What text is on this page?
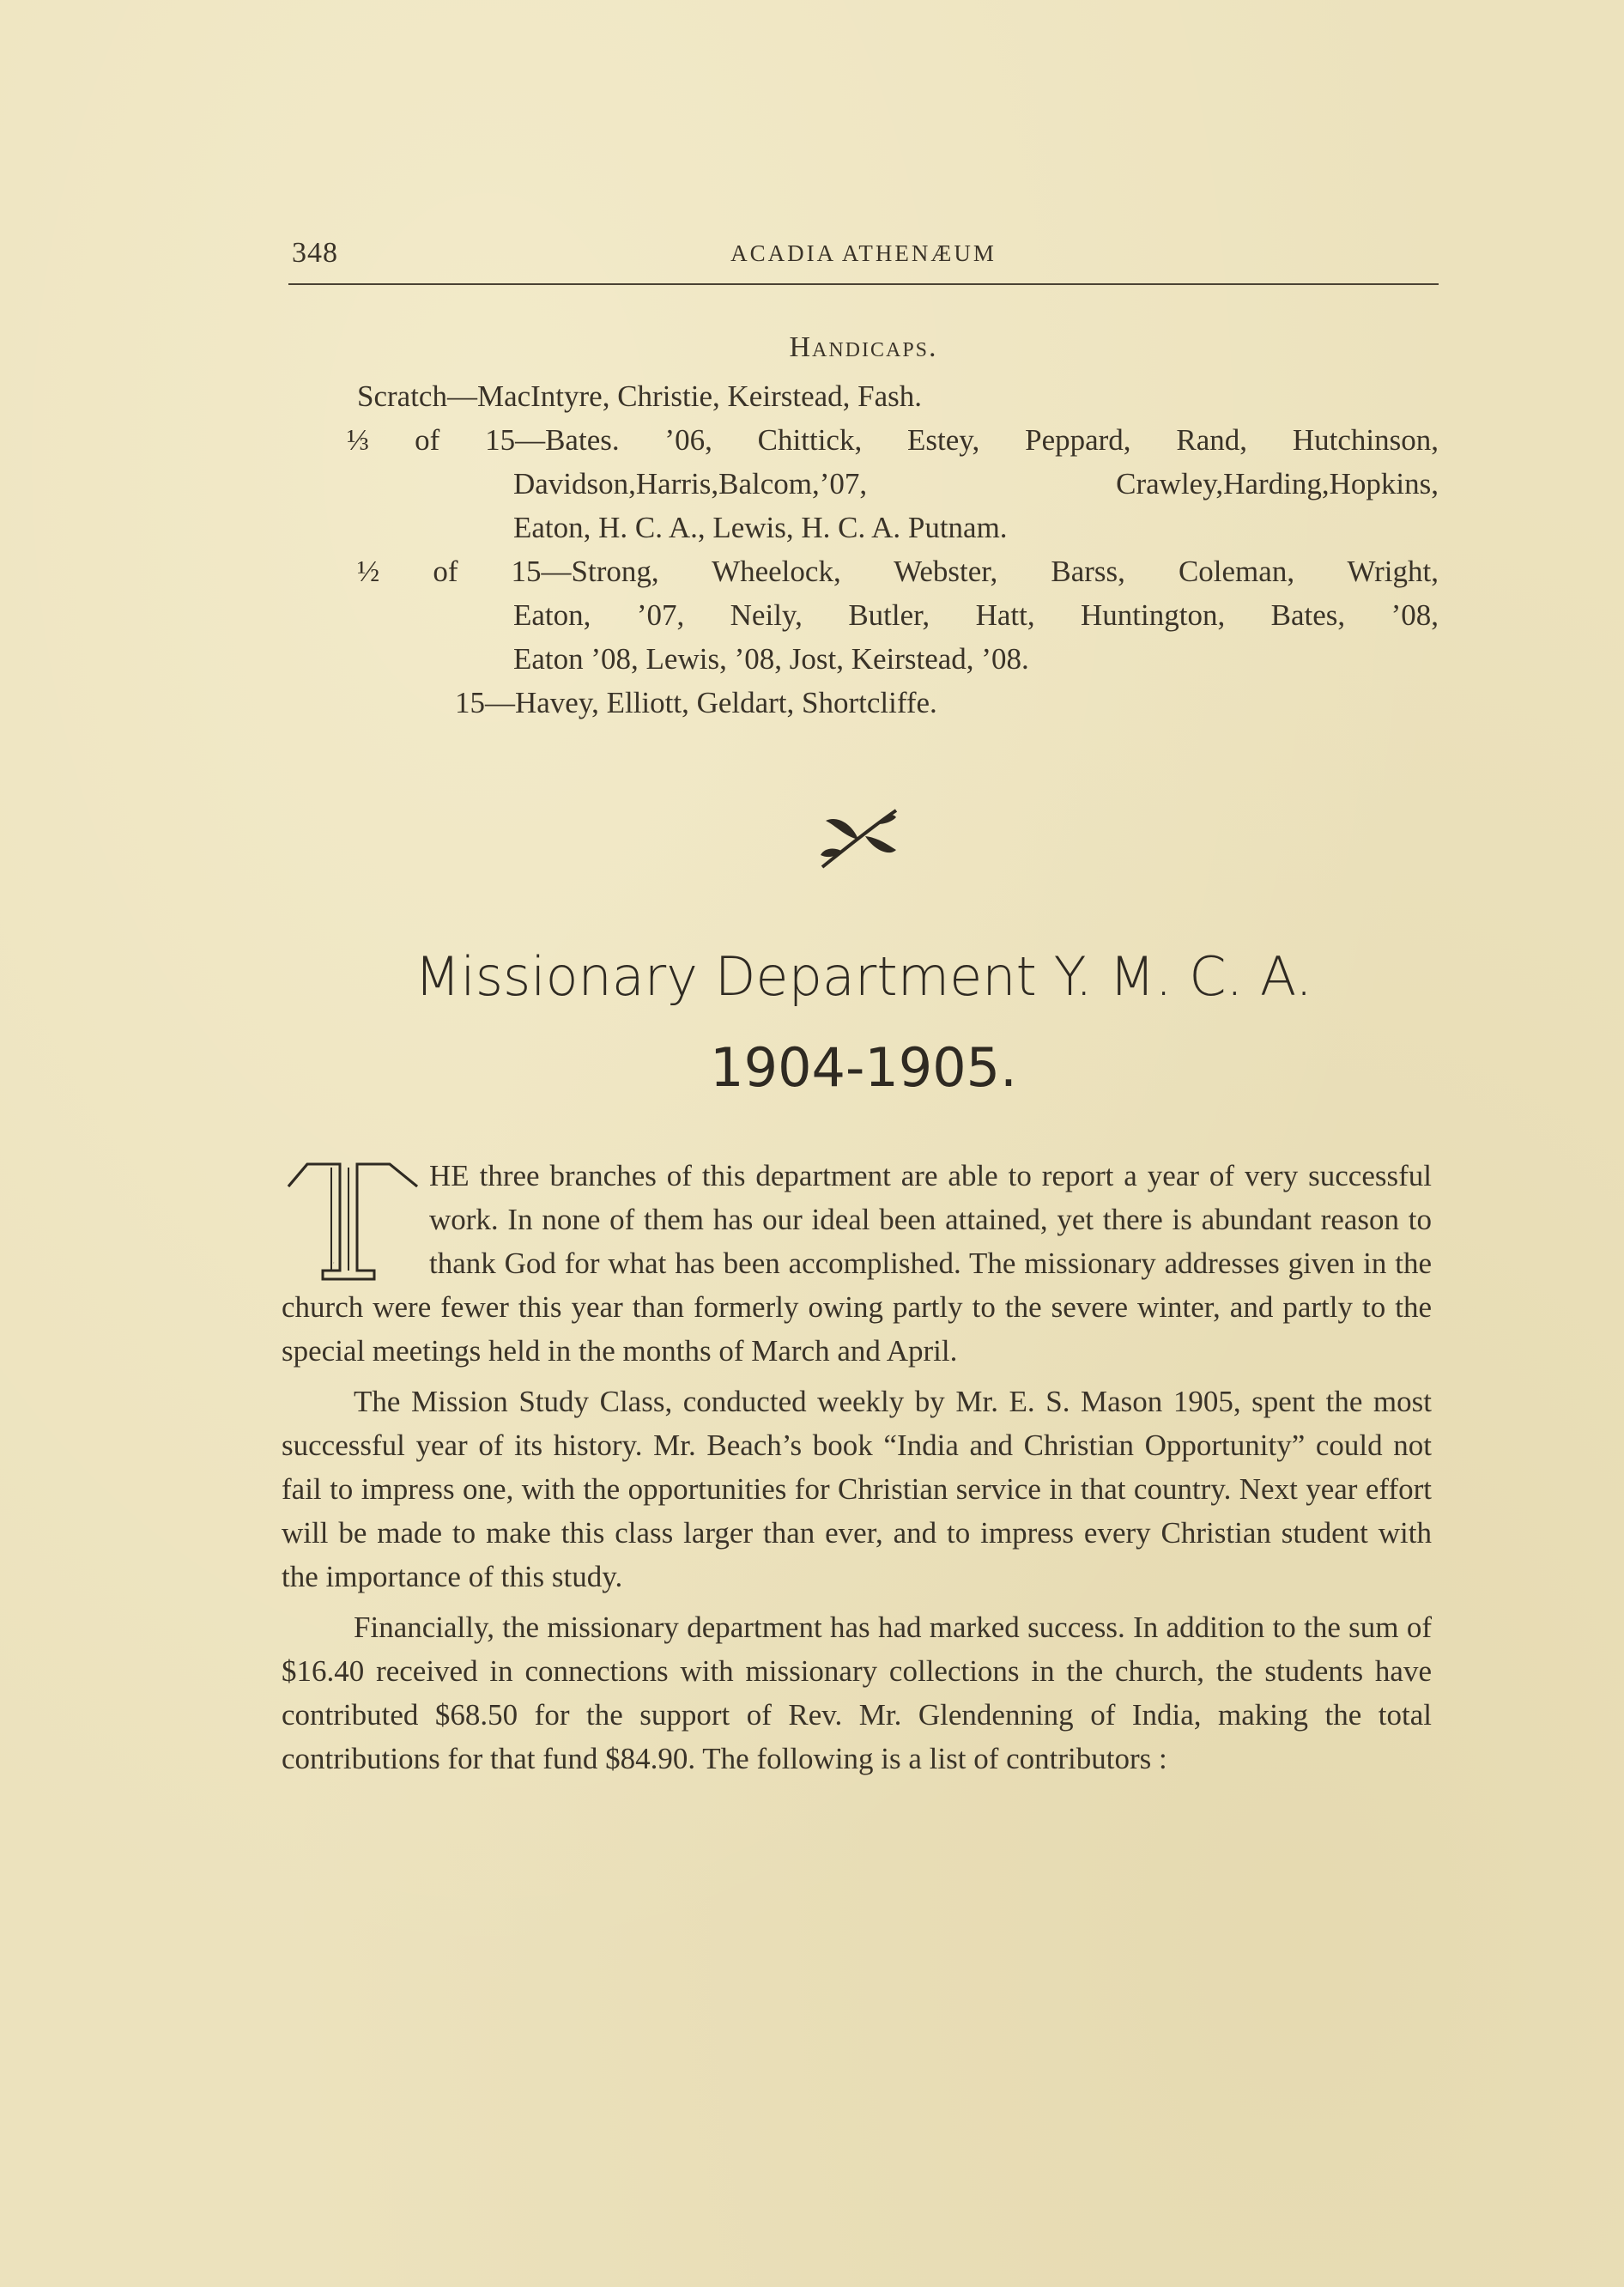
348	ACADIA ATHENÆUM
Handicaps.
Scratch—MacIntyre, Christie, Keirstead, Fash.
⅓ of 15—Bates. ’06, Chittick, Estey, Peppard, Rand, Hutchinson,
Davidson,Harris,Balcom,’07, Crawley,Harding,Hopkins,
Eaton, H. C. A., Lewis, H. C. A. Putnam.
½ of 15—Strong, Wheelock, Webster, Barss, Coleman, Wright,
Eaton, ’07, Neily, Butler, Hatt, Huntington, Bates, ’08,
Eaton ’08, Lewis, ’08, Jost, Keirstead, ’08.
15—Havey, Elliott, Geldart, Shortcliffe.
Missionary Department Y. M. C. A.
1904-1905.
T

HE three branches of this department are able to report a year of very successful work. In none of them has our ideal been attained, yet there is abundant reason to thank God for what has been accomplished. The missionary addresses given in the church were fewer this year than formerly owing partly to the severe winter, and partly to the special meetings held in the months of March and April.

The Mission Study Class, conducted weekly by Mr. E. S. Mason 1905, spent the most successful year of its history. Mr. Beach’s book “India and Christian Opportunity” could not fail to impress one, with the opportunities for Christian service in that country. Next year effort will be made to make this class larger than ever, and to impress every Christian student with the importance of this study.

Financially, the missionary department has had marked success. In addition to the sum of $16.40 received in connections with missionary collections in the church, the students have contributed $68.50 for the support of Rev. Mr. Glendenning of India, making the total contributions for that fund $84.90. The following is a list of contributors :
